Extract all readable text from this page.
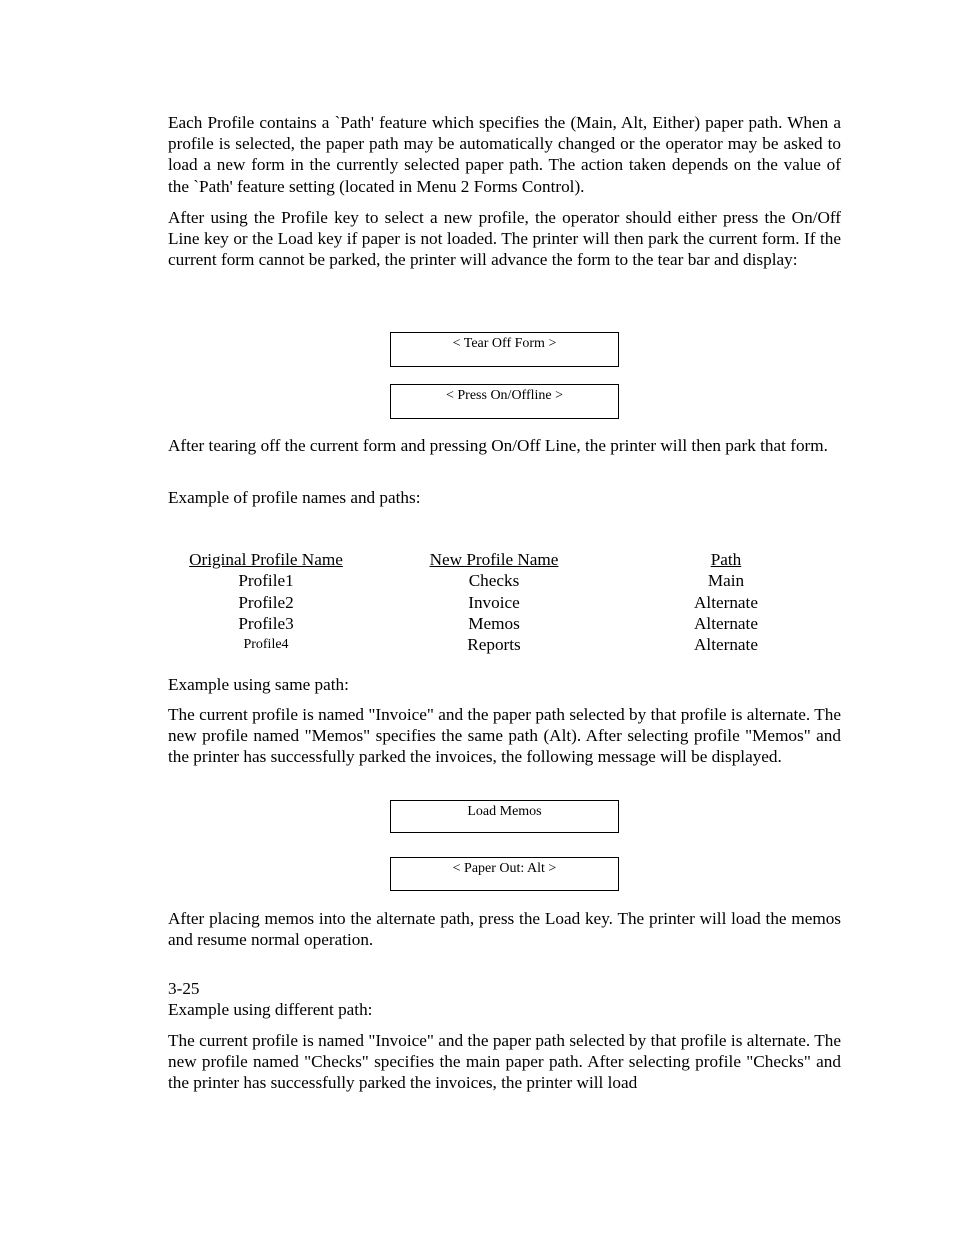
Each Profile contains a `Path' feature which specifies the (Main, Alt, Either) paper path. When a profile is selected, the paper path may be automatically changed or the operator may be asked to load a new form in the currently selected paper path. The action taken depends on the value of the `Path' feature setting (located in Menu 2 Forms Control).

After using the Profile key to select a new profile, the operator should either press the On/Off Line key or the Load key if paper is not loaded. The printer will then park the current form. If the current form cannot be parked, the printer will advance the form to the tear bar and display:

< Tear Off Form >
< Press On/Offline >

After tearing off the current form and pressing On/Off Line, the printer will then park that form.

Example of profile names and paths:

Original Profile Name
Profile1
Profile2
Profile3
Profile4
New Profile Name
Checks
Invoice
Memos
Reports
Path
Main
Alternate
Alternate
Alternate

Example using same path:

The current profile is named "Invoice" and the paper path selected by that profile is alternate. The new profile named "Memos" specifies the same path (Alt). After selecting profile "Memos" and the printer has successfully parked the invoices, the following message will be displayed.

Load Memos
< Paper Out: Alt >

After placing memos into the alternate path, press the Load key. The printer will load the memos and resume normal operation.

3-25

Example using different path:

The current profile is named "Invoice" and the paper path selected by that profile is alternate. The new profile named "Checks" specifies the main paper path. After selecting profile "Checks" and the printer has successfully parked the invoices, the printer will load
